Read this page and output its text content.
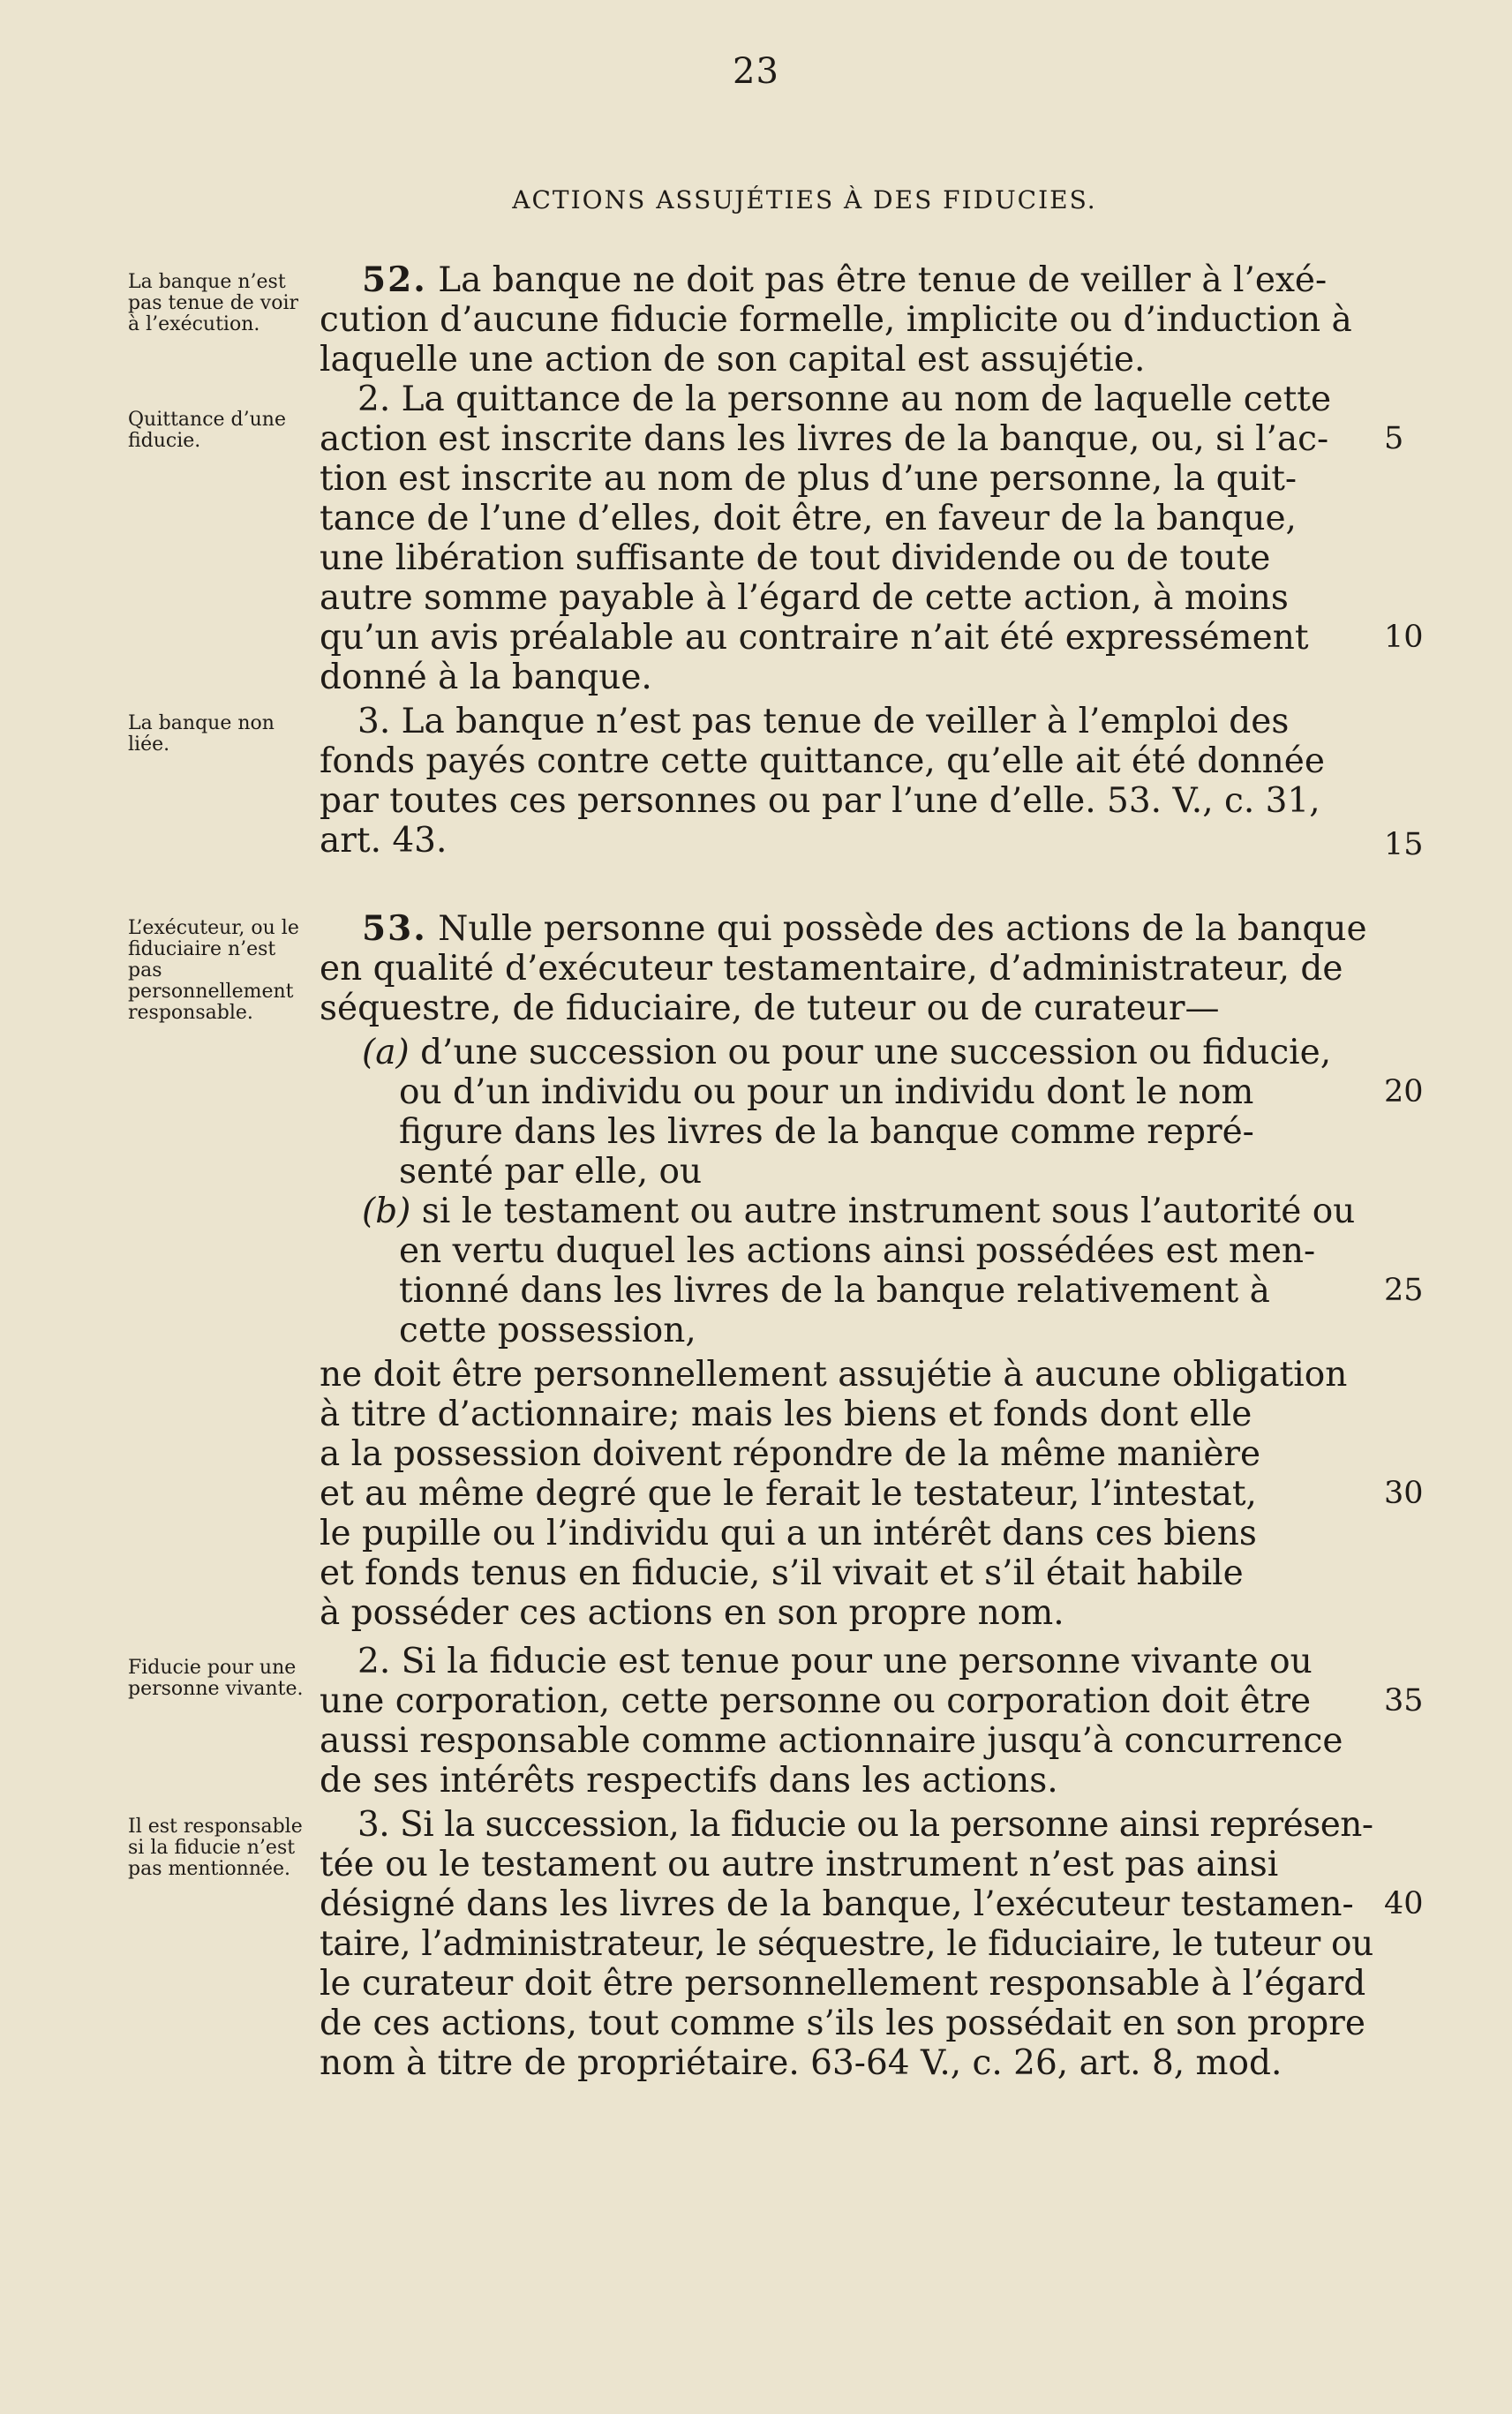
23
ACTIONS ASSUJÉTIES À DES FIDUCIES.
La banque n’est pas tenue de voir à l’exécution.
Quittance d’une fiducie.
La banque non liée.
L’exécuteur, ou le fiduciaire n’est pas personnellement responsable.
Fiducie pour une personne vivante.
Il est responsable si la fiducie n’est pas mentionnée.
52. La banque ne doit pas être tenue de veiller à l’exé-
cution d’aucune fiducie formelle, implicite ou d’induction à
laquelle une action de son capital est assujétie.
2. La quittance de la personne au nom de laquelle cette
action est inscrite dans les livres de la banque, ou, si l’ac-
tion est inscrite au nom de plus d’une personne, la quit-
tance de l’une d’elles, doit être, en faveur de la banque,
une libération suffisante de tout dividende ou de toute
autre somme payable à l’égard de cette action, à moins
qu’un avis préalable au contraire n’ait été expressément
donné à la banque.
3. La banque n’est pas tenue de veiller à l’emploi des
fonds payés contre cette quittance, qu’elle ait été donnée
par toutes ces personnes ou par l’une d’elle. 53. V., c. 31,
art. 43.
53. Nulle personne qui possède des actions de la banque
en qualité d’exécuteur testamentaire, d’administrateur, de
séquestre, de fiduciaire, de tuteur ou de curateur—
(a) d’une succession ou pour une succession ou fiducie,
ou d’un individu ou pour un individu dont le nom
figure dans les livres de la banque comme repré-
senté par elle, ou
(b) si le testament ou autre instrument sous l’autorité ou
en vertu duquel les actions ainsi possédées est men-
tionné dans les livres de la banque relativement à
cette possession,
ne doit être personnellement assujétie à aucune obligation
à titre d’actionnaire; mais les biens et fonds dont elle
a la possession doivent répondre de la même manière
et au même degré que le ferait le testateur, l’intestat,
le pupille ou l’individu qui a un intérêt dans ces biens
et fonds tenus en fiducie, s’il vivait et s’il était habile
à posséder ces actions en son propre nom.
2. Si la fiducie est tenue pour une personne vivante ou
une corporation, cette personne ou corporation doit être
aussi responsable comme actionnaire jusqu’à concurrence
de ses intérêts respectifs dans les actions.
3. Si la succession, la fiducie ou la personne ainsi représen-
tée ou le testament ou autre instrument n’est pas ainsi
désigné dans les livres de la banque, l’exécuteur testamen-
taire, l’administrateur, le séquestre, le fiduciaire, le tuteur ou
le curateur doit être personnellement responsable à l’égard
de ces actions, tout comme s’ils les possédait en son propre
nom à titre de propriétaire. 63-64 V., c. 26, art. 8, mod.
5
10
15
20
25
30
35
40
